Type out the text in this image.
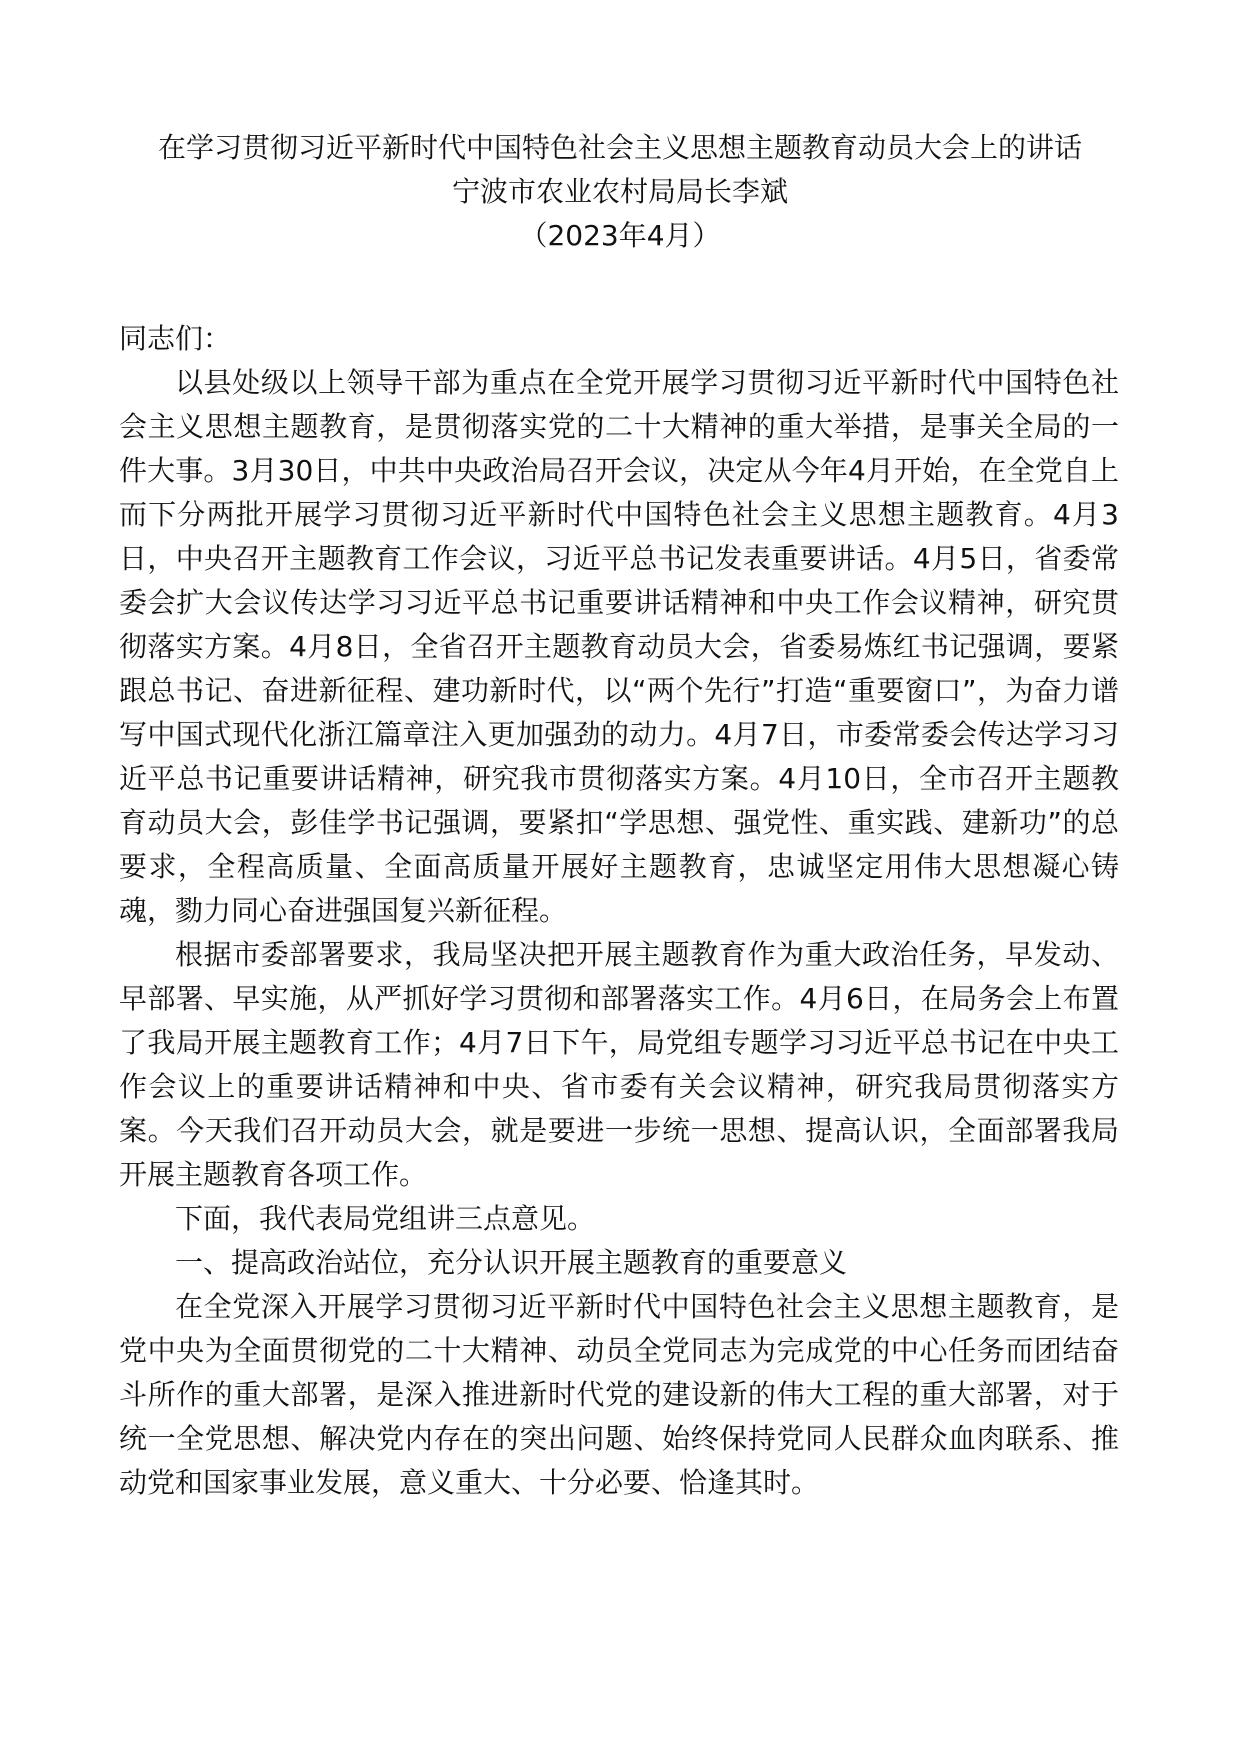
在学习贯彻习近平新时代中国特色社会主义思想主题教育动员大会上的讲话
宁波市农业农村局局长李斌
（2023年4月）

同志们：

以县处级以上领导干部为重点在全党开展学习贯彻习近平新时代中国特色社会主义思想主题教育，是贯彻落实党的二十大精神的重大举措，是事关全局的一件大事。3月30日，中共中央政治局召开会议，决定从今年4月开始，在全党自上而下分两批开展学习贯彻习近平新时代中国特色社会主义思想主题教育。4月3日，中央召开主题教育工作会议，习近平总书记发表重要讲话。4月5日，省委常委会扩大会议传达学习习近平总书记重要讲话精神和中央工作会议精神，研究贯彻落实方案。4月8日，全省召开主题教育动员大会，省委易炼红书记强调，要紧跟总书记、奋进新征程、建功新时代，以“两个先行”打造“重要窗口”，为奋力谱写中国式现代化浙江篇章注入更加强劲的动力。4月7日，市委常委会传达学习习近平总书记重要讲话精神，研究我市贯彻落实方案。4月10日，全市召开主题教育动员大会，彭佳学书记强调，要紧扣“学思想、强党性、重实践、建新功”的总要求，全程高质量、全面高质量开展好主题教育，忠诚坚定用伟大思想凝心铸魂，勠力同心奋进强国复兴新征程。

根据市委部署要求，我局坚决把开展主题教育作为重大政治任务，早发动、早部署、早实施，从严抓好学习贯彻和部署落实工作。4月6日，在局务会上布置了我局开展主题教育工作；4月7日下午，局党组专题学习习近平总书记在中央工作会议上的重要讲话精神和中央、省市委有关会议精神，研究我局贯彻落实方案。今天我们召开动员大会，就是要进一步统一思想、提高认识，全面部署我局开展主题教育各项工作。

下面，我代表局党组讲三点意见。

一、提高政治站位，充分认识开展主题教育的重要意义

在全党深入开展学习贯彻习近平新时代中国特色社会主义思想主题教育，是党中央为全面贯彻党的二十大精神、动员全党同志为完成党的中心任务而团结奋斗所作的重大部署，是深入推进新时代党的建设新的伟大工程的重大部署，对于统一全党思想、解决党内存在的突出问题、始终保持党同人民群众血肉联系、推动党和国家事业发展，意义重大、十分必要、恰逢其时。
